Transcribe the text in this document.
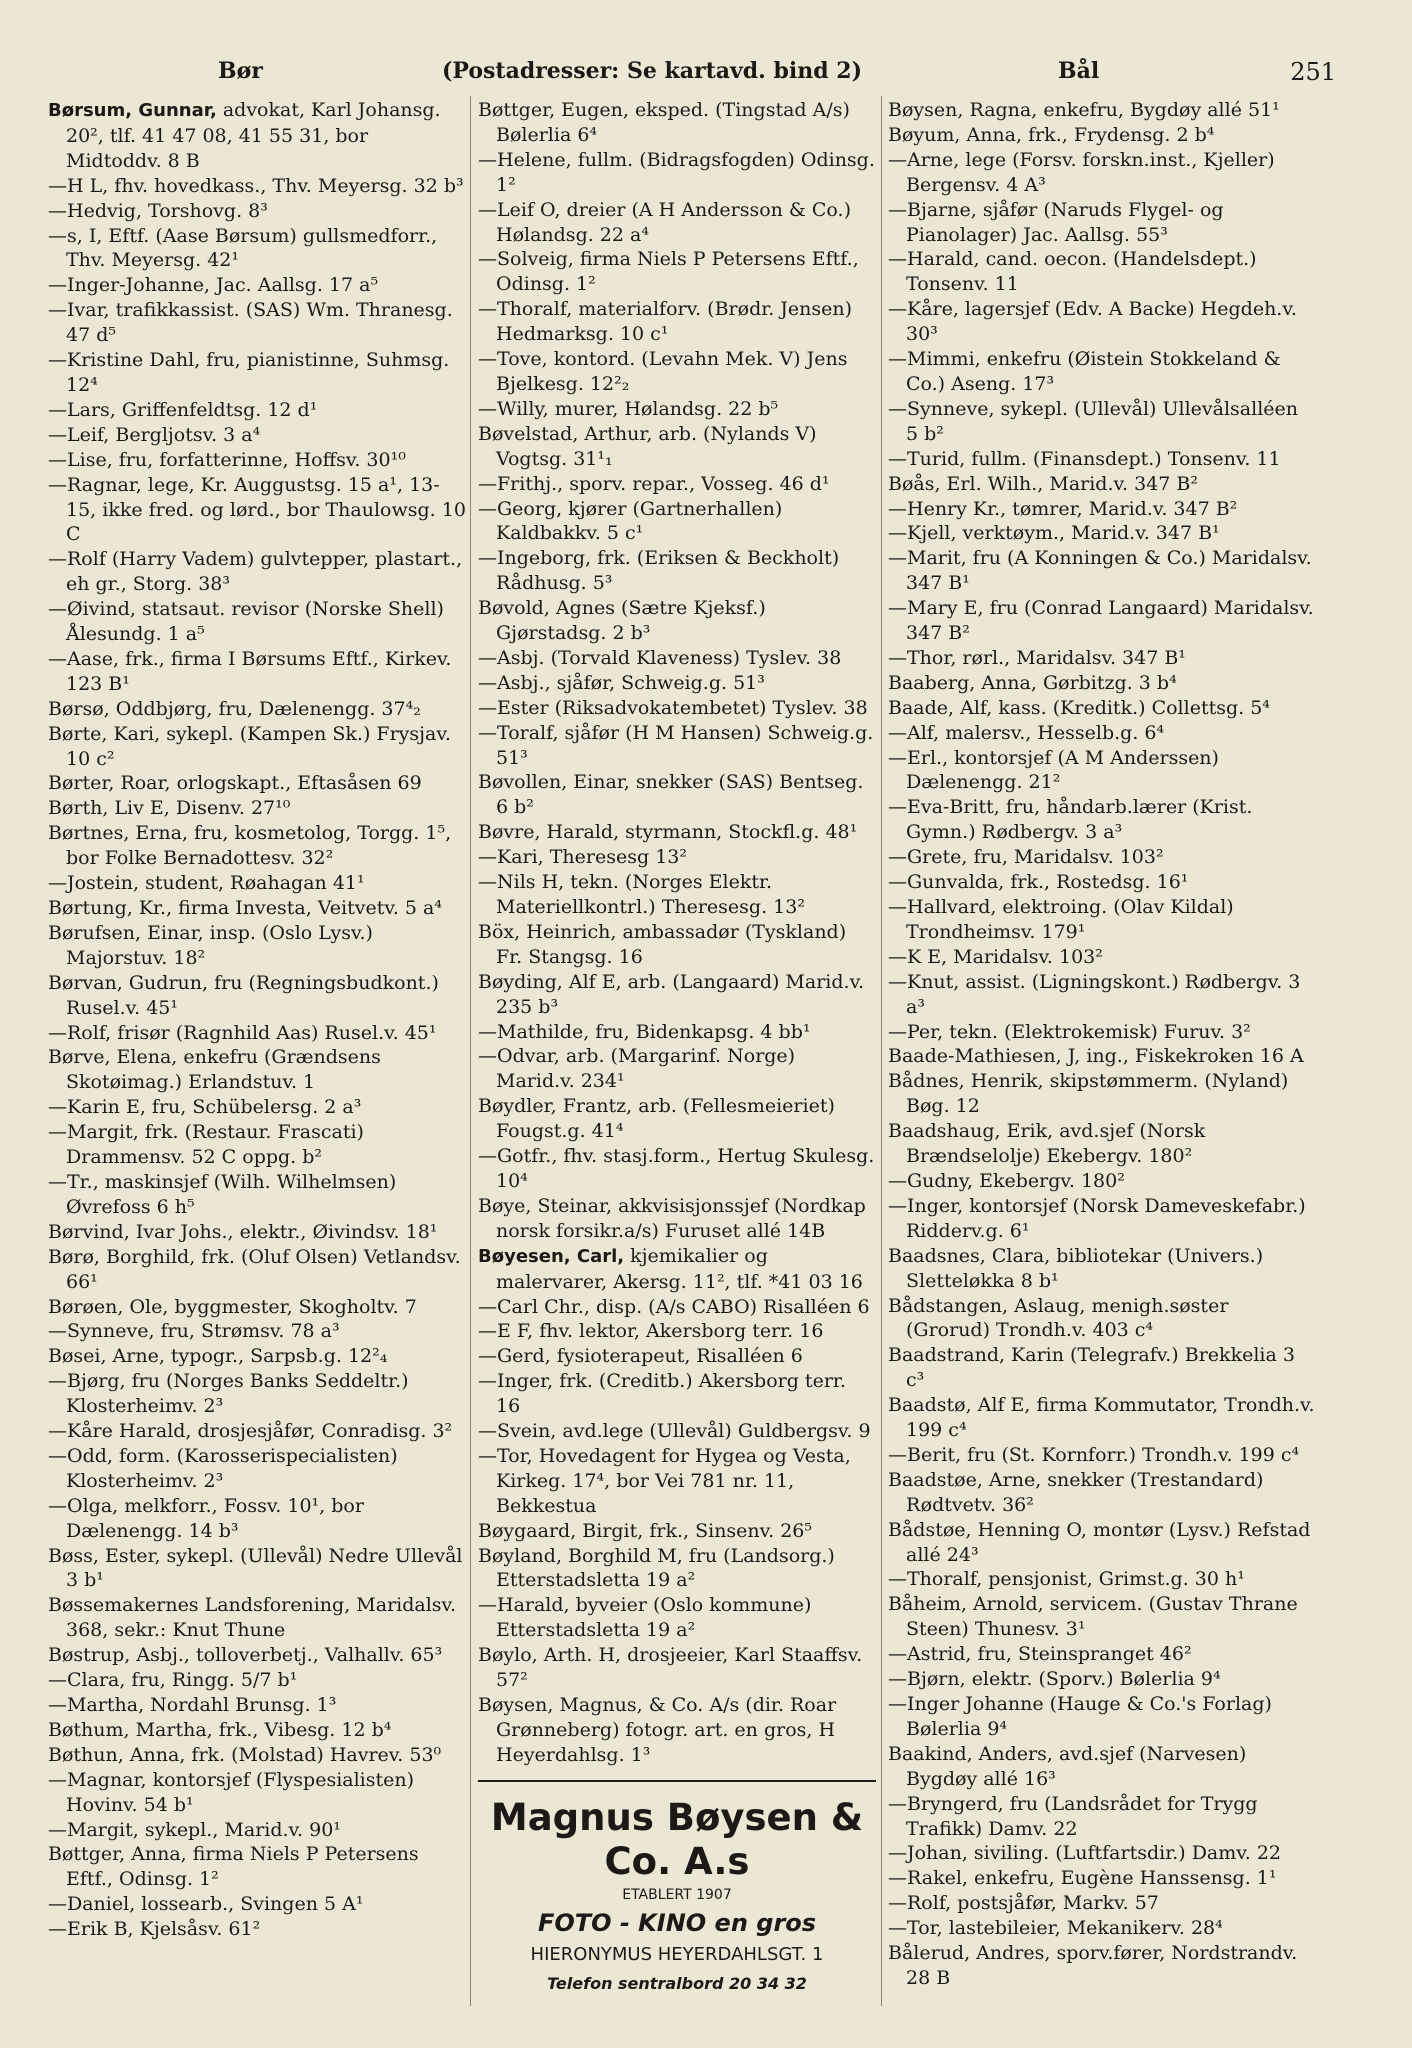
Bør	(Postadresser: Se kartavd. bind 2)	Bål	251

Børsum, Gunnar, advokat, Karl Johansg. 20², tlf. 41 47 08, 41 55 31, bor Midtoddv. 8 B

—H L, fhv. hovedkass., Thv. Meyersg. 32 b³

—Hedvig, Torshovg. 8³

—s, I, Eftf. (Aase Børsum) gullsmedforr., Thv. Meyersg. 42¹

—Inger-Johanne, Jac. Aallsg. 17 a⁵

—Ivar, trafikkassist. (SAS) Wm. Thranesg. 47 d⁵

—Kristine Dahl, fru, pianistinne, Suhmsg. 12⁴

—Lars, Griffenfeldtsg. 12 d¹

—Leif, Bergljotsv. 3 a⁴

—Lise, fru, forfatterinne, Hoffsv. 30¹⁰

—Ragnar, lege, Kr. Auggustsg. 15 a¹, 13-15, ikke fred. og lørd., bor Thaulowsg. 10 C

—Rolf (Harry Vadem) gulvtepper, plastart., eh gr., Storg. 38³

—Øivind, statsaut. revisor (Norske Shell) Ålesundg. 1 a⁵

—Aase, frk., firma I Børsums Eftf., Kirkev. 123 B¹

Børsø, Oddbjørg, fru, Dælenengg. 37⁴₂

Børte, Kari, sykepl. (Kampen Sk.) Frysjav. 10 c²

Børter, Roar, orlogskapt., Eftasåsen 69

Børth, Liv E, Disenv. 27¹⁰

Børtnes, Erna, fru, kosmetolog, Torgg. 1⁵, bor Folke Bernadottesv. 32²

—Jostein, student, Røahagan 41¹

Børtung, Kr., firma Investa, Veitvetv. 5 a⁴

Børufsen, Einar, insp. (Oslo Lysv.) Majorstuv. 18²

Børvan, Gudrun, fru (Regningsbudkont.) Rusel.v. 45¹

—Rolf, frisør (Ragnhild Aas) Rusel.v. 45¹

Børve, Elena, enkefru (Grændsens Skotøimag.) Erlandstuv. 1

—Karin E, fru, Schübelersg. 2 a³

—Margit, frk. (Restaur. Frascati) Drammensv. 52 C oppg. b²

—Tr., maskinsjef (Wilh. Wilhelmsen) Øvrefoss 6 h⁵

Børvind, Ivar Johs., elektr., Øivindsv. 18¹

Børø, Borghild, frk. (Oluf Olsen) Vetlandsv. 66¹

Børøen, Ole, byggmester, Skogholtv. 7

—Synneve, fru, Strømsv. 78 a³

Bøsei, Arne, typogr., Sarpsb.g. 12²₄

—Bjørg, fru (Norges Banks Seddeltr.) Klosterheimv. 2³

—Kåre Harald, drosjesjåfør, Conradisg. 3²

—Odd, form. (Karosserispecialisten) Klosterheimv. 2³

—Olga, melkforr., Fossv. 10¹, bor Dælenengg. 14 b³

Bøss, Ester, sykepl. (Ullevål) Nedre Ullevål 3 b¹

Bøssemakernes Landsforening, Maridalsv. 368, sekr.: Knut Thune

Bøstrup, Asbj., tolloverbetj., Valhallv. 65³

—Clara, fru, Ringg. 5/7 b¹

—Martha, Nordahl Brunsg. 1³

Bøthum, Martha, frk., Vibesg. 12 b⁴

Bøthun, Anna, frk. (Molstad) Havrev. 53⁰

—Magnar, kontorsjef (Flyspesialisten) Hovinv. 54 b¹

—Margit, sykepl., Marid.v. 90¹

Bøttger, Anna, firma Niels P Petersens Eftf., Odinsg. 1²

—Daniel, lossearb., Svingen 5 A¹

—Erik B, Kjelsåsv. 61²

Bøttger, Eugen, eksped. (Tingstad A/s) Bølerlia 6⁴

—Helene, fullm. (Bidragsfogden) Odinsg. 1²

—Leif O, dreier (A H Andersson & Co.) Hølandsg. 22 a⁴

—Solveig, firma Niels P Petersens Eftf., Odinsg. 1²

—Thoralf, materialforv. (Brødr. Jensen) Hedmarksg. 10 c¹

—Tove, kontord. (Levahn Mek. V) Jens Bjelkesg. 12²₂

—Willy, murer, Hølandsg. 22 b⁵

Bøvelstad, Arthur, arb. (Nylands V) Vogtsg. 31¹₁

—Frithj., sporv. repar., Vosseg. 46 d¹

—Georg, kjører (Gartnerhallen) Kaldbakkv. 5 c¹

—Ingeborg, frk. (Eriksen & Beckholt) Rådhusg. 5³

Bøvold, Agnes (Sætre Kjeksf.) Gjørstadsg. 2 b³

—Asbj. (Torvald Klaveness) Tyslev. 38

—Asbj., sjåfør, Schweig.g. 51³

—Ester (Riksadvokatembetet) Tyslev. 38

—Toralf, sjåfør (H M Hansen) Schweig.g. 51³

Bøvollen, Einar, snekker (SAS) Bentseg. 6 b²

Bøvre, Harald, styrmann, Stockfl.g. 48¹

—Kari, Theresesg 13²

—Nils H, tekn. (Norges Elektr. Materiellkontrl.) Theresesg. 13²

Böx, Heinrich, ambassadør (Tyskland) Fr. Stangsg. 16

Bøyding, Alf E, arb. (Langaard) Marid.v. 235 b³

—Mathilde, fru, Bidenkapsg. 4 bb¹

—Odvar, arb. (Margarinf. Norge) Marid.v. 234¹

Bøydler, Frantz, arb. (Fellesmeieriet) Fougst.g. 41⁴

—Gotfr., fhv. stasj.form., Hertug Skulesg. 10⁴

Bøye, Steinar, akkvisisjonssjef (Nordkap norsk forsikr.a/s) Furuset allé 14B

Bøyesen, Carl, kjemikalier og malervarer, Akersg. 11², tlf. *41 03 16

—Carl Chr., disp. (A/s CABO) Risalléen 6

—E F, fhv. lektor, Akersborg terr. 16

—Gerd, fysioterapeut, Risalléen 6

—Inger, frk. (Creditb.) Akersborg terr. 16

—Svein, avd.lege (Ullevål) Guldbergsv. 9

—Tor, Hovedagent for Hygea og Vesta, Kirkeg. 17⁴, bor Vei 781 nr. 11, Bekkestua

Bøygaard, Birgit, frk., Sinsenv. 26⁵

Bøyland, Borghild M, fru (Landsorg.) Etterstadsletta 19 a²

—Harald, byveier (Oslo kommune) Etterstadsletta 19 a²

Bøylo, Arth. H, drosjeeier, Karl Staaffsv. 57²

Bøysen, Magnus, & Co. A/s (dir. Roar Grønneberg) fotogr. art. en gros, H Heyerdahlsg. 1³

Magnus Bøysen & Co. A.s
ETABLERT 1907
FOTO - KINO en gros
HIERONYMUS HEYERDAHLSGT. 1
Telefon sentralbord 20 34 32

Bøysen, Ragna, enkefru, Bygdøy allé 51¹

Bøyum, Anna, frk., Frydensg. 2 b⁴

—Arne, lege (Forsv. forskn.inst., Kjeller) Bergensv. 4 A³

—Bjarne, sjåfør (Naruds Flygel- og Pianolager) Jac. Aallsg. 55³

—Harald, cand. oecon. (Handelsdept.) Tonsenv. 11

—Kåre, lagersjef (Edv. A Backe) Hegdeh.v. 30³

—Mimmi, enkefru (Øistein Stokkeland & Co.) Aseng. 17³

—Synneve, sykepl. (Ullevål) Ullevålsalléen 5 b²

—Turid, fullm. (Finansdept.) Tonsenv. 11

Bøås, Erl. Wilh., Marid.v. 347 B²

—Henry Kr., tømrer, Marid.v. 347 B²

—Kjell, verktøym., Marid.v. 347 B¹

—Marit, fru (A Konningen & Co.) Maridalsv. 347 B¹

—Mary E, fru (Conrad Langaard) Maridalsv. 347 B²

—Thor, rørl., Maridalsv. 347 B¹

Baaberg, Anna, Gørbitzg. 3 b⁴

Baade, Alf, kass. (Kreditk.) Collettsg. 5⁴

—Alf, malersv., Hesselb.g. 6⁴

—Erl., kontorsjef (A M Anderssen) Dælenengg. 21²

—Eva-Britt, fru, håndarb.lærer (Krist. Gymn.) Rødbergv. 3 a³

—Grete, fru, Maridalsv. 103²

—Gunvalda, frk., Rostedsg. 16¹

—Hallvard, elektroing. (Olav Kildal) Trondheimsv. 179¹

—K E, Maridalsv. 103²

—Knut, assist. (Ligningskont.) Rødbergv. 3 a³

—Per, tekn. (Elektrokemisk) Furuv. 3²

Baade-Mathiesen, J, ing., Fiskekroken 16 A

Bådnes, Henrik, skipstømmerm. (Nyland) Bøg. 12

Baadshaug, Erik, avd.sjef (Norsk Brændselolje) Ekebergv. 180²

—Gudny, Ekebergv. 180²

—Inger, kontorsjef (Norsk Dameveskefabr.) Ridderv.g. 6¹

Baadsnes, Clara, bibliotekar (Univers.) Sletteløkka 8 b¹

Bådstangen, Aslaug, menigh.søster (Grorud) Trondh.v. 403 c⁴

Baadstrand, Karin (Telegrafv.) Brekkelia 3 c³

Baadstø, Alf E, firma Kommutator, Trondh.v. 199 c⁴

—Berit, fru (St. Kornforr.) Trondh.v. 199 c⁴

Baadstøe, Arne, snekker (Trestandard) Rødtvetv. 36²

Bådstøe, Henning O, montør (Lysv.) Refstad allé 24³

—Thoralf, pensjonist, Grimst.g. 30 h¹

Båheim, Arnold, servicem. (Gustav Thrane Steen) Thunesv. 3¹

—Astrid, fru, Steinspranget 46²

—Bjørn, elektr. (Sporv.) Bølerlia 9⁴

—Inger Johanne (Hauge & Co.'s Forlag) Bølerlia 9⁴

Baakind, Anders, avd.sjef (Narvesen) Bygdøy allé 16³

—Bryngerd, fru (Landsrådet for Trygg Trafikk) Damv. 22

—Johan, siviling. (Luftfartsdir.) Damv. 22

—Rakel, enkefru, Eugène Hanssensg. 1¹

—Rolf, postsjåfør, Markv. 57

—Tor, lastebileier, Mekanikerv. 28⁴

Bålerud, Andres, sporv.fører, Nordstrandv. 28 B
